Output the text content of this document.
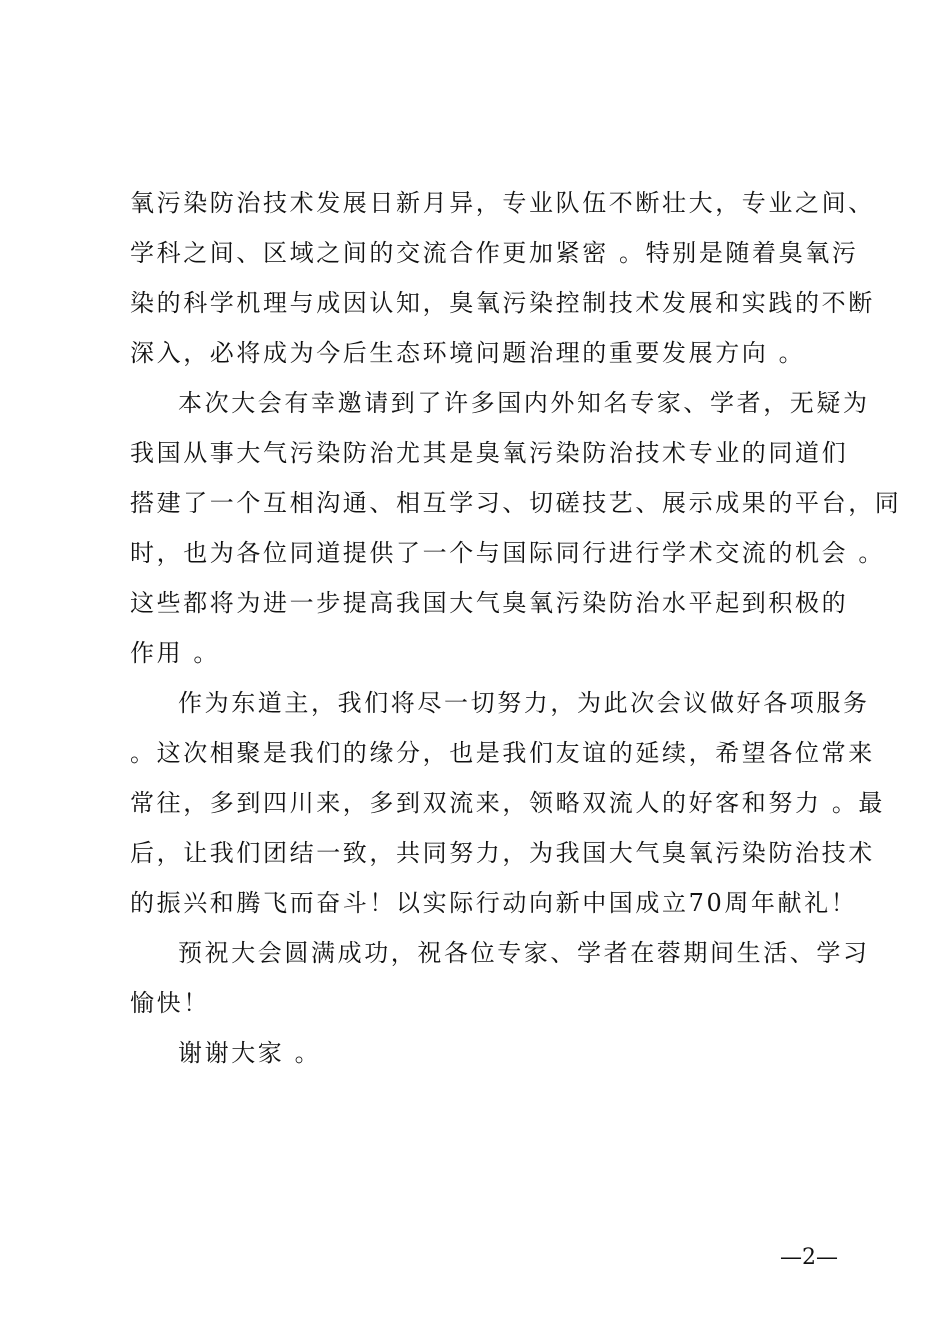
氧污染防治技术发展日新月异，专业队伍不断壮大，专业之间、
学科之间、区域之间的交流合作更加紧密 。特别是随着臭氧污
染的科学机理与成因认知，臭氧污染控制技术发展和实践的不断
深入，必将成为今后生态环境问题治理的重要发展方向 。
本次大会有幸邀请到了许多国内外知名专家、学者，无疑为
我国从事大气污染防治尤其是臭氧污染防治技术专业的同道们
搭建了一个互相沟通、相互学习、切磋技艺、展示成果的平台，同
时，也为各位同道提供了一个与国际同行进行学术交流的机会 。
这些都将为进一步提高我国大气臭氧污染防治水平起到积极的
作用 。
作为东道主，我们将尽一切努力，为此次会议做好各项服务
。这次相聚是我们的缘分，也是我们友谊的延续，希望各位常来
常往，多到四川来，多到双流来，领略双流人的好客和努力 。最
后，让我们团结一致，共同努力，为我国大气臭氧污染防治技术
的振兴和腾飞而奋斗！以实际行动向新中国成立70周年献礼！
预祝大会圆满成功，祝各位专家、学者在蓉期间生活、学习
愉快！
谢谢大家 。
—2—
